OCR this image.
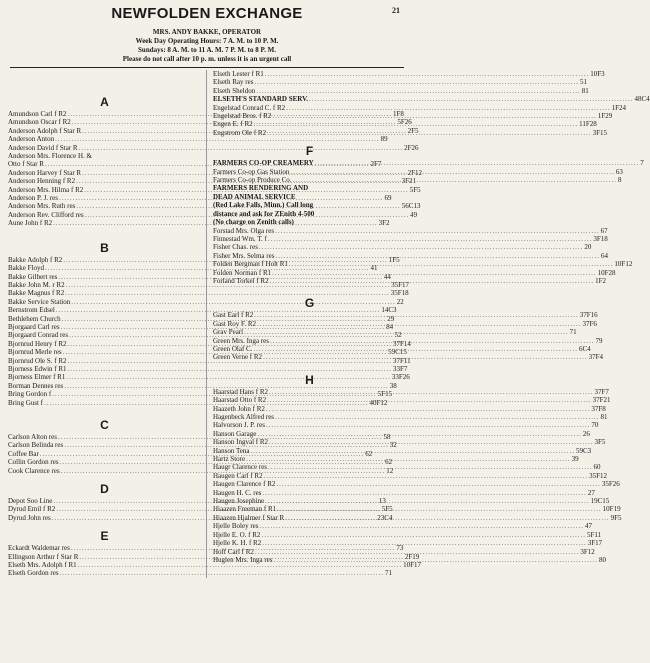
NEWFOLDEN EXCHANGE	21
MRS. ANDY BAKKE, OPERATOR
Week Day Operating Hours: 7 A. M. to 10 P. M.
Sundays: 8 A. M. to 11 A. M. 7 P. M. to 8 P. M.
Please do not call after 10 p. m. unless it is an urgent call
A
Amundson Carl f R2 .....	1F8
Amundson Oscar f R2 .....	5F26
Anderson Adolph f Star R .....	2F5
Anderson Anton .....	89
Anderson David f Star R .....	2F26
Anderson Mrs. Florence H. &
Otto f Star R .....	2F7
Anderson Harvey f Star R .....	2F12
Anderson Henning f R2 .....	3F21
Anderson Mrs. Hilma f R2 .....	5F5
Anderson P. J. res .....	69
Anderson Mrs. Ruth res .....	56C13
Anderson Rev. Clifford res .....	49
Aune John f R2 .....	3F2
B
Bakke Adolph f R2 .....	1F5
Bakke Floyd .....	41
Bakke Gilbert res .....	44
Bakke John M. r R2 .....	35F17
Bakke Magnus f R2 .....	35F18
Bakke Service Station .....	22
Bernstrom Edsel .....	14C3
Bethlehem Church .....	29
Bjorgaard Carl res .....	84
Bjorgaard Conrad res .....	52
Bjornrud Henry f R2 .....	37F14
Bjornrud Merle res .....	59C15
Bjornrud Ole S. f R2 .....	37F11
Bjorness Edwin f R1 .....	33F7
Bjorness Elmer f R1 .....	33F26
Borman Dennes res .....	38
Bring Gordon f .....	5F15
Bring Gust f .....	40F12
C
Carlson Alton res .....	58
Carlson Belinda res .....	32
Coffee Bar .....	62
Collin Gordon res .....	62
Cook Clarence res .....	12
D
Depot Soo Line .....	13
Dyrud Emil f R2 .....	5F5
Dyrud John res .....	23C4
E
Eckardt Waldemar res .....	73
Ellingson Arthur f Star R .....	2F19
Elseth Mrs. Adolph f R1 .....	10F17
Elseth Gordon res .....	71
Elseth Lester f R1 .....	10F3
Elseth Ray res .....	51
Elseth Sheldon .....	81
ELSETH'S STANDARD SERV. .....	48C4
Engelstad Conrad C. f R2 .....	1F24
Engelstad Bros. f R2 .....	1F29
Engen E. f R2 .....	11F28
Engstrom Ole f R2 .....	3F15
F
FARMERS CO-OP CREAMERY .....	7
Farmers Co-op Gas Station .....	63
Farmers Co-op Produce Co. .....	8
FARMERS RENDERING AND
DEAD ANIMAL SERVICE
(Red Lake Falls, Minn.) Call long
distance and ask for ZEnith 4-500
(No charge on Zenith calls)
Forstad Mrs. Olga res .....	67
Finnestad Wm. T. f .....	3F18
Fisher Chas. res .....	20
Fisher Mrs. Selma res .....	64
Folden Bergman f Holt R1 .....	10F12
Folden Norman f R1 .....	10F28
Forland Torkel f R2 .....	1F2
G
Gast Earl f R2 .....	37F16
Gast Roy F. R2 .....	37F6
Grav Pearl .....	71
Green Mrs. Inga res .....	79
Green Olaf C. .....	6C4
Green Verne f R2 .....	37F4
H
Haarstad Hans f R2 .....	37F7
Haarstad Otto f R2 .....	37F21
Haazeth John f R2 .....	37F8
Hagenbeck Alfred res .....	81
Halvorson J. P. res .....	70
Hanson Garage .....	26
Hanson Ingval f R2 .....	3F5
Hanson Tena .....	59C3
Hartz Store .....	39
Haugr Clarence res .....	60
Haugen Carl f R2 .....	35F12
Haugen Clarence f R2 .....	35F26
Haugen H. C. res .....	27
Haugen Josephine .....	19C15
Hiaazen Freeman f R1 .....	10F19
Hiaazen Hjalmer f Star R .....	9F5
Hjelle Boley res .....	47
Hjelle E. O. f R2 .....	5F11
Hjelle K. H. f R2 .....	3F17
Hoff Carl f R2 .....	3F12
Huglen Mrs. Inga res .....	80
